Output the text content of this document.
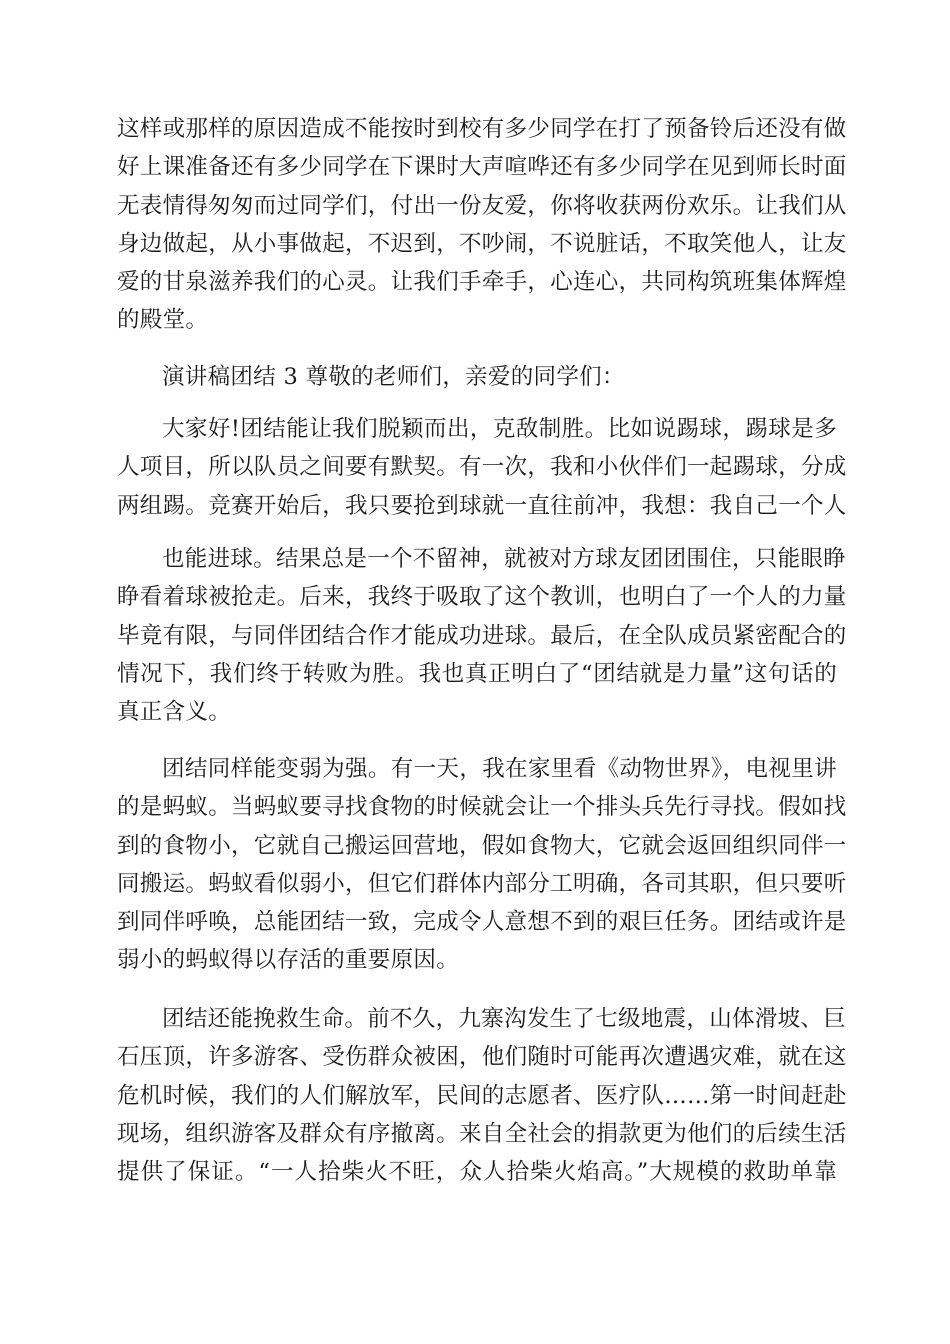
这样或那样的原因造成不能按时到校有多少同学在打了预备铃后还没有做
好上课准备还有多少同学在下课时大声喧哗还有多少同学在见到师长时面
无表情得匆匆而过同学们，付出一份友爱，你将收获两份欢乐。让我们从
身边做起，从小事做起，不迟到，不吵闹，不说脏话，不取笑他人，让友
爱的甘泉滋养我们的心灵。让我们手牵手，心连心，共同构筑班集体辉煌
的殿堂。
演讲稿团结 3 尊敬的老师们，亲爱的同学们：
大家好!团结能让我们脱颖而出，克敌制胜。比如说踢球，踢球是多
人项目，所以队员之间要有默契。有一次，我和小伙伴们一起踢球，分成
两组踢。竞赛开始后，我只要抢到球就一直往前冲，我想：我自己一个人
也能进球。结果总是一个不留神，就被对方球友团团围住，只能眼睁
睁看着球被抢走。后来，我终于吸取了这个教训，也明白了一个人的力量
毕竟有限，与同伴团结合作才能成功进球。最后，在全队成员紧密配合的
情况下，我们终于转败为胜。我也真正明白了“团结就是力量”这句话的
真正含义。
团结同样能变弱为强。有一天，我在家里看《动物世界》，电视里讲
的是蚂蚁。当蚂蚁要寻找食物的时候就会让一个排头兵先行寻找。假如找
到的食物小，它就自己搬运回营地，假如食物大，它就会返回组织同伴一
同搬运。蚂蚁看似弱小，但它们群体内部分工明确，各司其职，但只要听
到同伴呼唤，总能团结一致，完成令人意想不到的艰巨任务。团结或许是
弱小的蚂蚁得以存活的重要原因。
团结还能挽救生命。前不久，九寨沟发生了七级地震，山体滑坡、巨
石压顶，许多游客、受伤群众被困，他们随时可能再次遭遇灾难，就在这
危机时候，我们的人们解放军，民间的志愿者、医疗队……第一时间赶赴
现场，组织游客及群众有序撤离。来自全社会的捐款更为他们的后续生活
提供了保证。“一人拾柴火不旺，众人拾柴火焰高。”大规模的救助单靠
